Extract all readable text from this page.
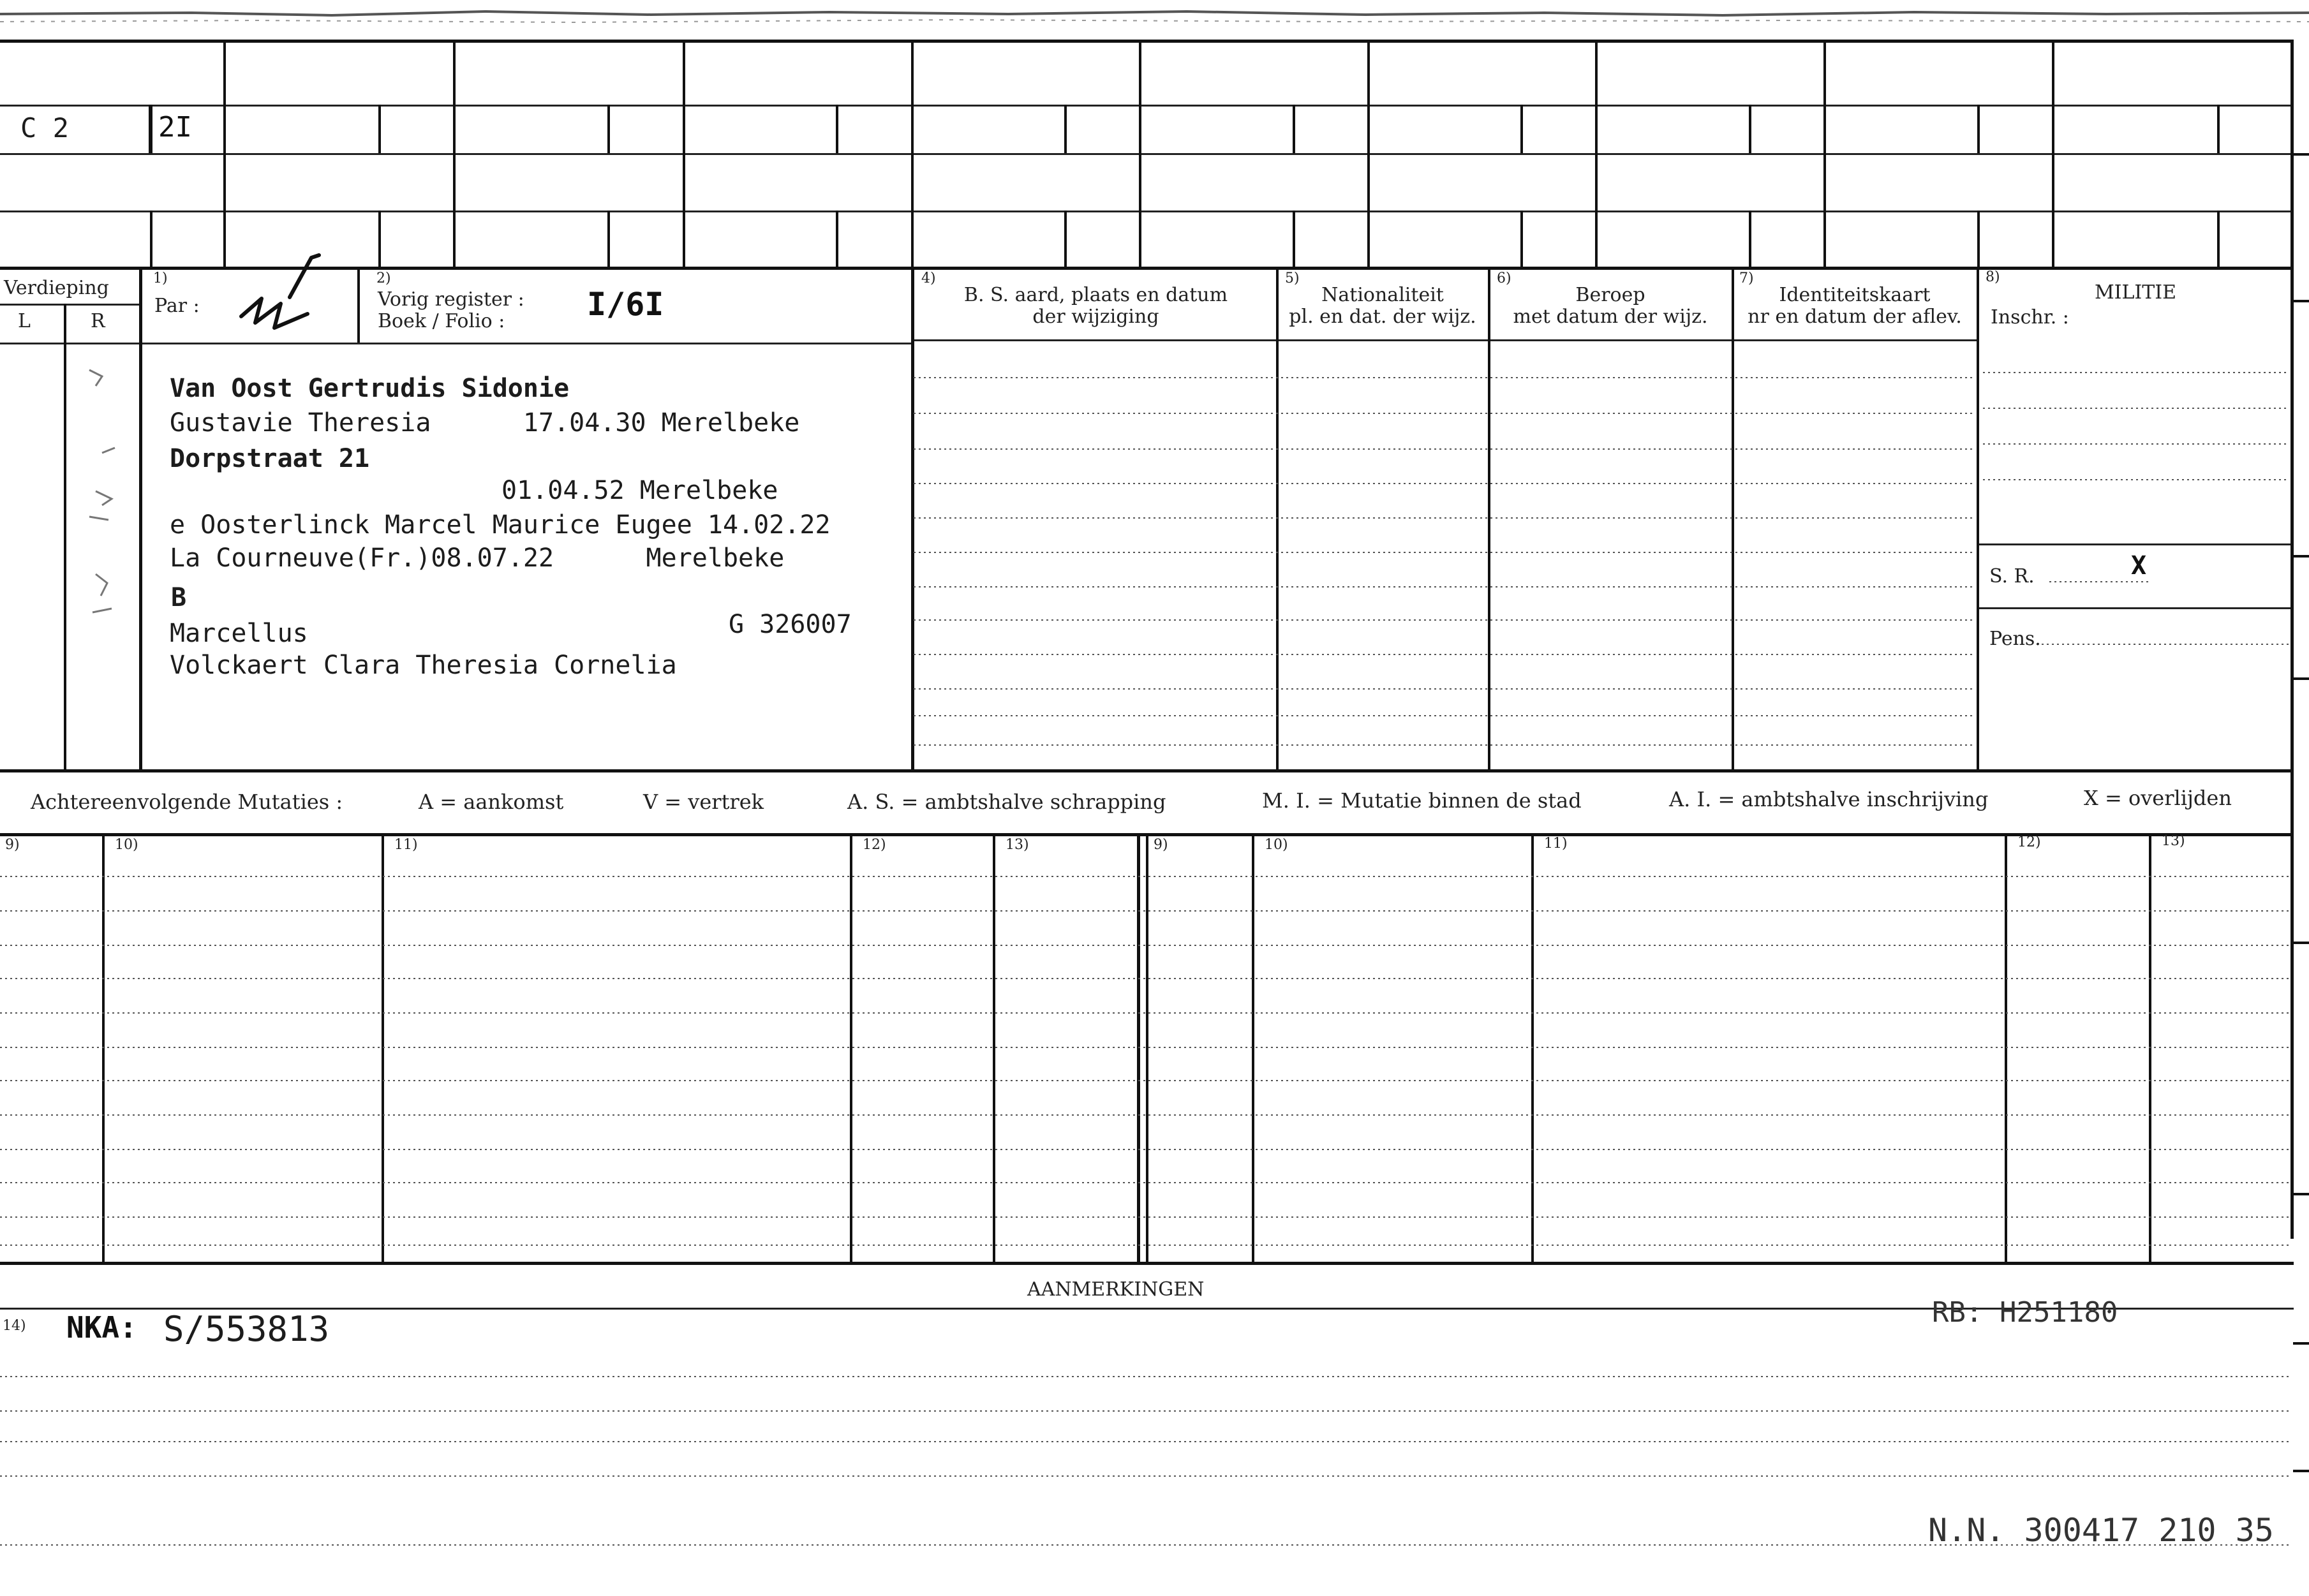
C 2	2I
Verdieping
L	R
1)
Par :
2)
Vorig register :
Boek / Folio :	I/6I
4)
B. S. aard, plaats en datum
der wijziging
5)
Nationaliteit
pl. en dat. der wijz.
6)
Beroep
met datum der wijz.
7)
Identiteitskaart
nr en datum der aflev.
8)
MILITIE
Inschr. :
S. R.	X
Pens.
Van Oost Gertrudis Sidonie
Gustavie Theresia      17.04.30 Merelbeke
Dorpstraat 21
01.04.52 Merelbeke
e Oosterlinck Marcel Maurice Eugee 14.02.22
La Courneuve(Fr.)08.07.22      Merelbeke
B
Marcellus	G 326007
Volckaert Clara Theresia Cornelia
Achtereenvolgende Mutaties :	A = aankomst	V = vertrek	A. S. = ambtshalve schrapping	M. I. = Mutatie binnen de stad	A. I. = ambtshalve inschrijving	X = overlijden
9)	10)	11)	12)	13)	9)	10)	11)	12)	13)
AANMERKINGEN
14) NKA: S/553813	RB: H251180
N.N. 300417 210 35
